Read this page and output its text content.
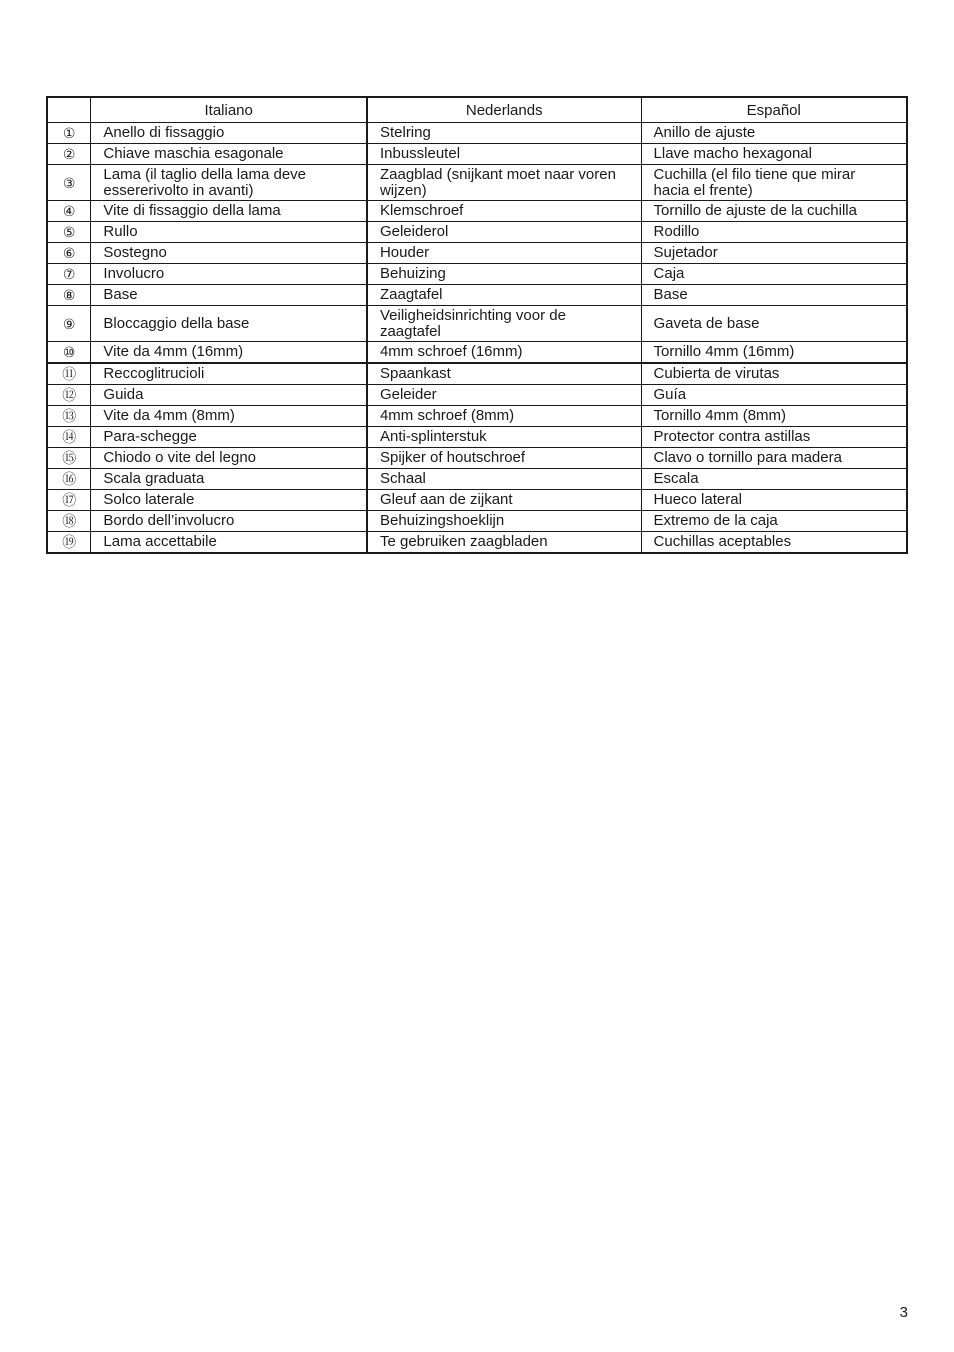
	Italiano	Nederlands	Español
①	Anello di fissaggio	Stelring	Anillo de ajuste
②	Chiave maschia esagonale	Inbussleutel	Llave macho hexagonal
③	Lama (il taglio della lama deve essererivolto in avanti)	Zaagblad (snijkant moet naar voren wijzen)	Cuchilla (el filo tiene que mirar hacia el frente)
④	Vite di fissaggio della lama	Klemschroef	Tornillo de ajuste de la cuchilla
⑤	Rullo	Geleiderol	Rodillo
⑥	Sostegno	Houder	Sujetador
⑦	Involucro	Behuizing	Caja
⑧	Base	Zaagtafel	Base
⑨	Bloccaggio della base	Veiligheidsinrichting voor de zaagtafel	Gaveta de base
⑩	Vite da 4mm (16mm)	4mm schroef (16mm)	Tornillo 4mm (16mm)
⑪	Reccoglitrucioli	Spaankast	Cubierta de virutas
⑫	Guida	Geleider	Guía
⑬	Vite da 4mm (8mm)	4mm schroef (8mm)	Tornillo 4mm (8mm)
⑭	Para-schegge	Anti-splinterstuk	Protector contra astillas
⑮	Chiodo o vite del legno	Spijker of houtschroef	Clavo o tornillo para madera
⑯	Scala graduata	Schaal	Escala
⑰	Solco laterale	Gleuf aan de zijkant	Hueco lateral
⑱	Bordo dell’involucro	Behuizingshoeklijn	Extremo de la caja
⑲	Lama accettabile	Te gebruiken zaagbladen	Cuchillas aceptables
3
